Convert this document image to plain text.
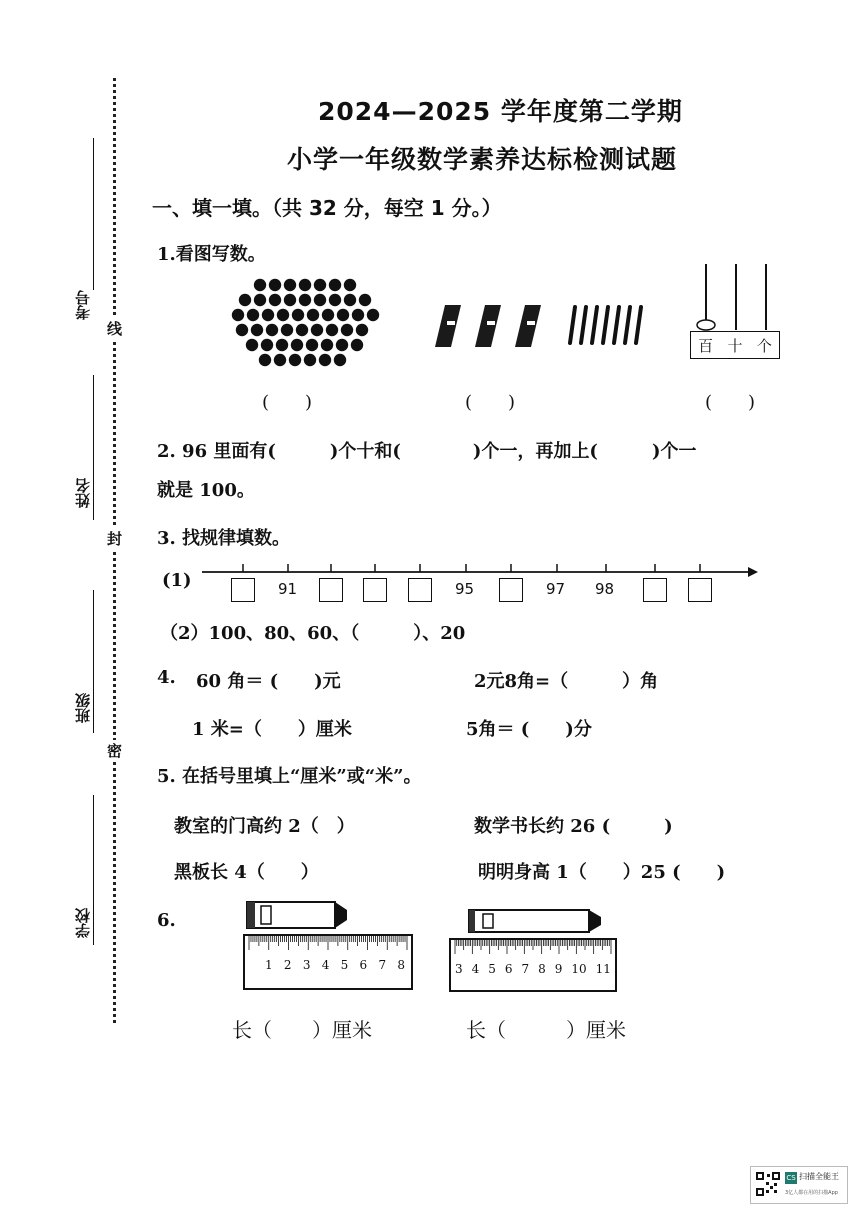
考号
姓名
班级
学校
线
封
密
2024—2025 学年度第二学期
小学一年级数学素养达标检测试题
一、填一填。（共 32 分，每空 1 分。）
1.看图写数。
百 十 个
(　　)	(　　)	(　　)
2. 96 里面有(　　　)个十和(　　　　)个一，再加上(　　　)个一
就是 100。
3. 找规律填数。
(1)	91	95	97 98
（2）100、80、60、（　　　）、20
4. 60 角＝ (　　)元	2元8角=（　　　）角
1 米=（　　）厘米	5角＝ (　　)分
5. 在括号里填上“厘米”或“米”。
教室的门高约 2（　）	数学书长约 26 (　　　)
黑板长 4（　　）	明明身高 1（　　）25 (　　)
6.
1 2 3 4 5 6 7 8	3 4 5 6 7 8 9 10 11
长（　　）厘米	长（　　　）厘米
CS 扫描全能王
3亿人都在用的扫描App
